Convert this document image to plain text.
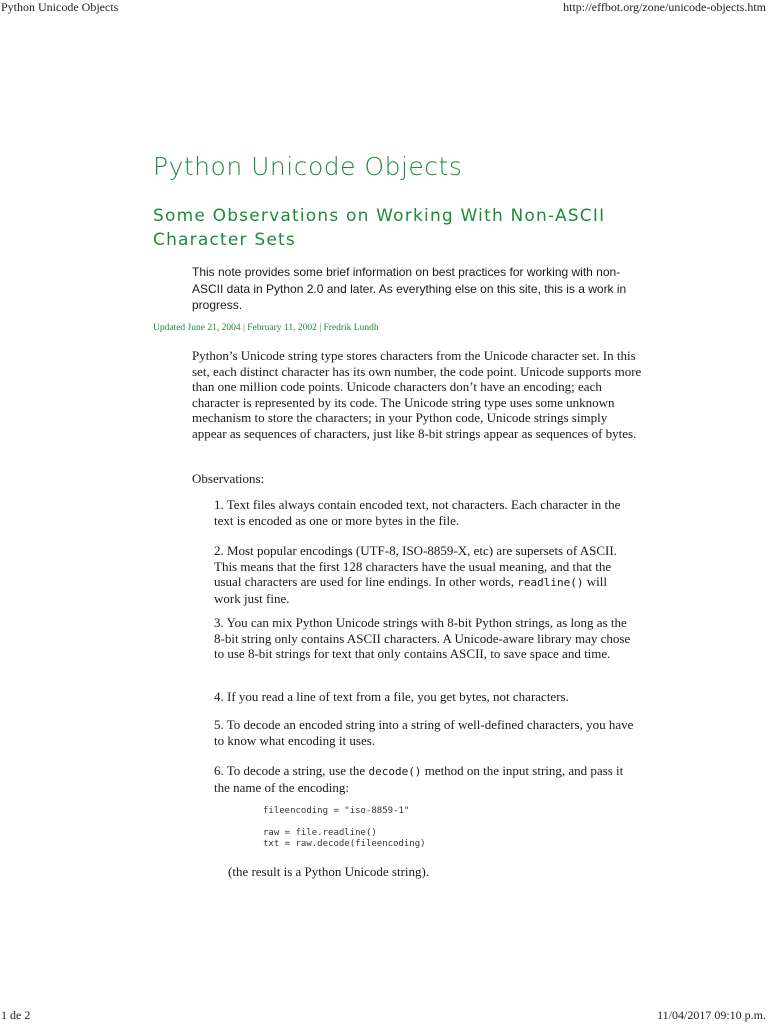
Python Unicode Objects	http://effbot.org/zone/unicode-objects.htm
Python Unicode Objects
Some Observations on Working With Non-ASCII Character Sets
This note provides some brief information on best practices for working with non-ASCII data in Python 2.0 and later. As everything else on this site, this is a work in progress.
Updated June 21, 2004 | February 11, 2002 | Fredrik Lundh

Python’s Unicode string type stores characters from the Unicode character set. In this set, each distinct character has its own number, the code point. Unicode supports more than one million code points. Unicode characters don’t have an encoding; each character is represented by its code. The Unicode string type uses some unknown mechanism to store the characters; in your Python code, Unicode strings simply appear as sequences of characters, just like 8-bit strings appear as sequences of bytes.

Observations:
1. Text files always contain encoded text, not characters. Each character in the text is encoded as one or more bytes in the file.
2. Most popular encodings (UTF-8, ISO-8859-X, etc) are supersets of ASCII. This means that the first 128 characters have the usual meaning, and that the usual characters are used for line endings. In other words, readline() will work just fine.
3. You can mix Python Unicode strings with 8-bit Python strings, as long as the 8-bit string only contains ASCII characters. A Unicode-aware library may chose to use 8-bit strings for text that only contains ASCII, to save space and time.
4. If you read a line of text from a file, you get bytes, not characters.
5. To decode an encoded string into a string of well-defined characters, you have to know what encoding it uses.
6. To decode a string, use the decode() method on the input string, and pass it the name of the encoding:
fileencoding = "iso-8859-1"

raw = file.readline()
txt = raw.decode(fileencoding)
(the result is a Python Unicode string).
1 de 2	11/04/2017 09:10 p.m.
